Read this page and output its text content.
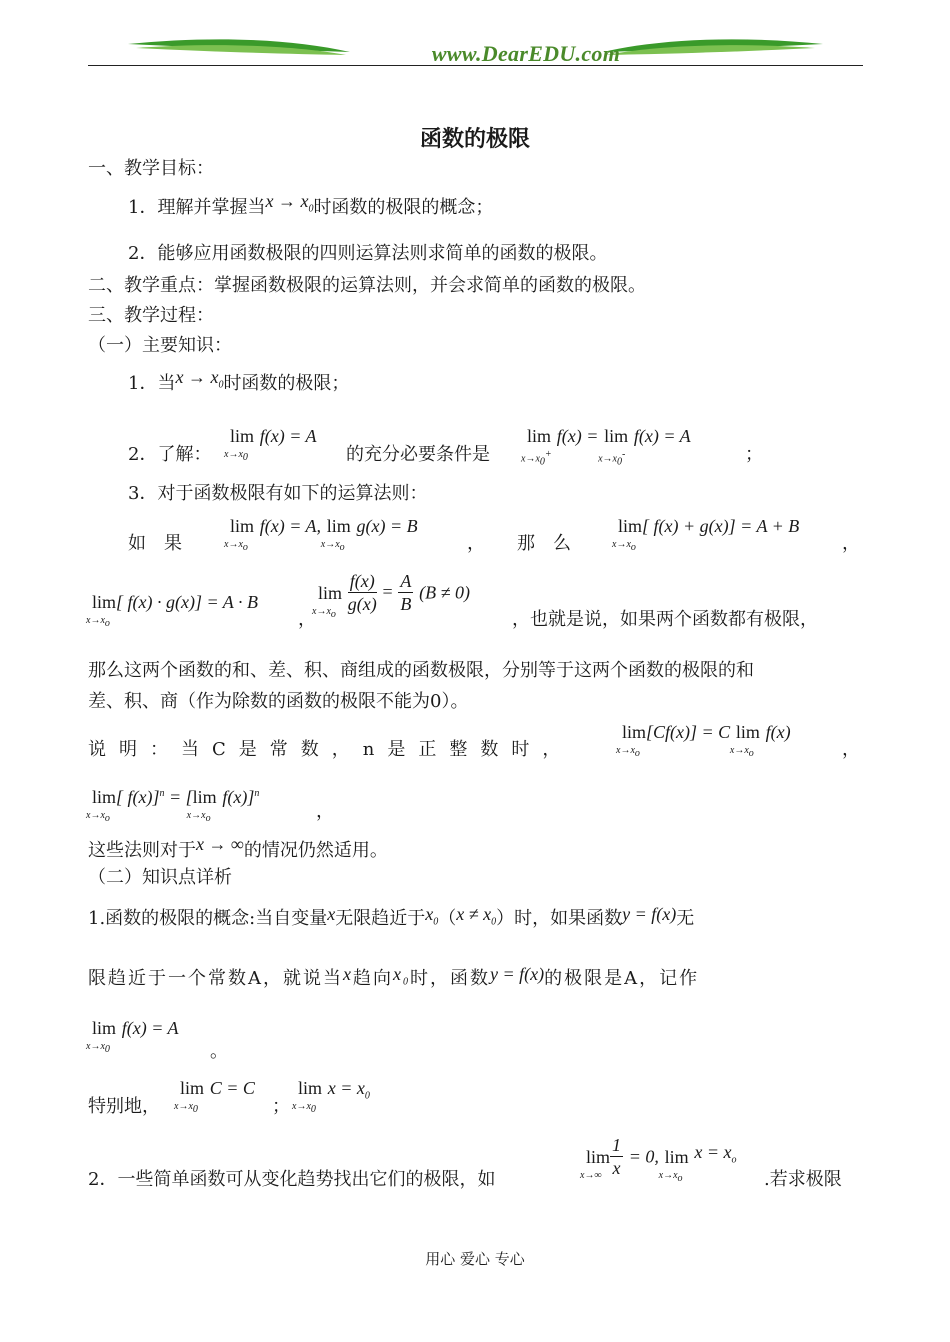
www.DearEDU.com
函数的极限
一、教学目标：
1．理解并掌握当$x \to x_0$时函数的极限的概念；
2．能够应用函数极限的四则运算法则求简单的函数的极限。
二、教学重点：掌握函数极限的运算法则，并会求简单的函数的极限。
三、教学过程：
（一）主要知识：
1．当$x \to x_0$时函数的极限；
2．了解：
lim
$x\to x_0$
f(x) = A
的充分必要条件是
lim
$x\to x_0^+$
f(x) = lim
$x\to x_0^-$
f(x) = A
；
3．对于函数极限有如下的运算法则：
如　果
lim
$x\to x_o$
f(x) = A, lim
$x\to x_o$
g(x) = B
， 那　么
lim
$x\to x_o$
[ f(x) + g(x)] = A + B
，
lim
$x\to x_o$
[ f(x) · g(x)] = A · B
，
lim
$x\to x_o$
$\frac{f(x)}{g(x)} = \frac{A}{B} (B \ne 0)$
，也就是说，如果两个函数都有极限，
那么这两个函数的和、差、积、商组成的函数极限，分别等于这两个函数的极限的和
差、积、商（作为除数的函数的极限不能为0）。
说明：当C是常数，n是正整数时，
lim
$x\to x_o$
[Cf(x)] = C lim
$x\to x_o$
f(x)
，
lim
$x\to x_o$
[ f(x)]$^n$ = [lim
$x\to x_o$
f(x)]$^n$
，
这些法则对于x → ∞的情况仍然适用。
（二）知识点详析
1.函数的极限的概念:当自变量x无限趋近于$x_0(x \ne x_0)$时，如果函数y = f(x)无
限趋近于一个常数A，就说当x趋向$x_0$时，函数y = f(x)的极限是A，记作
lim
$x\to x_0$
f(x) = A
。
特别地，
lim
$x\to x_0$
C = C
；
lim
$x\to x_0$
$x = x_0$
2．一些简单函数可从变化趋势找出它们的极限，如
lim
$x\to\infty \frac{1}{x} = 0$, lim
$x\to x_o$
$x = x_o$
.若求极限
用心 爱心 专心
